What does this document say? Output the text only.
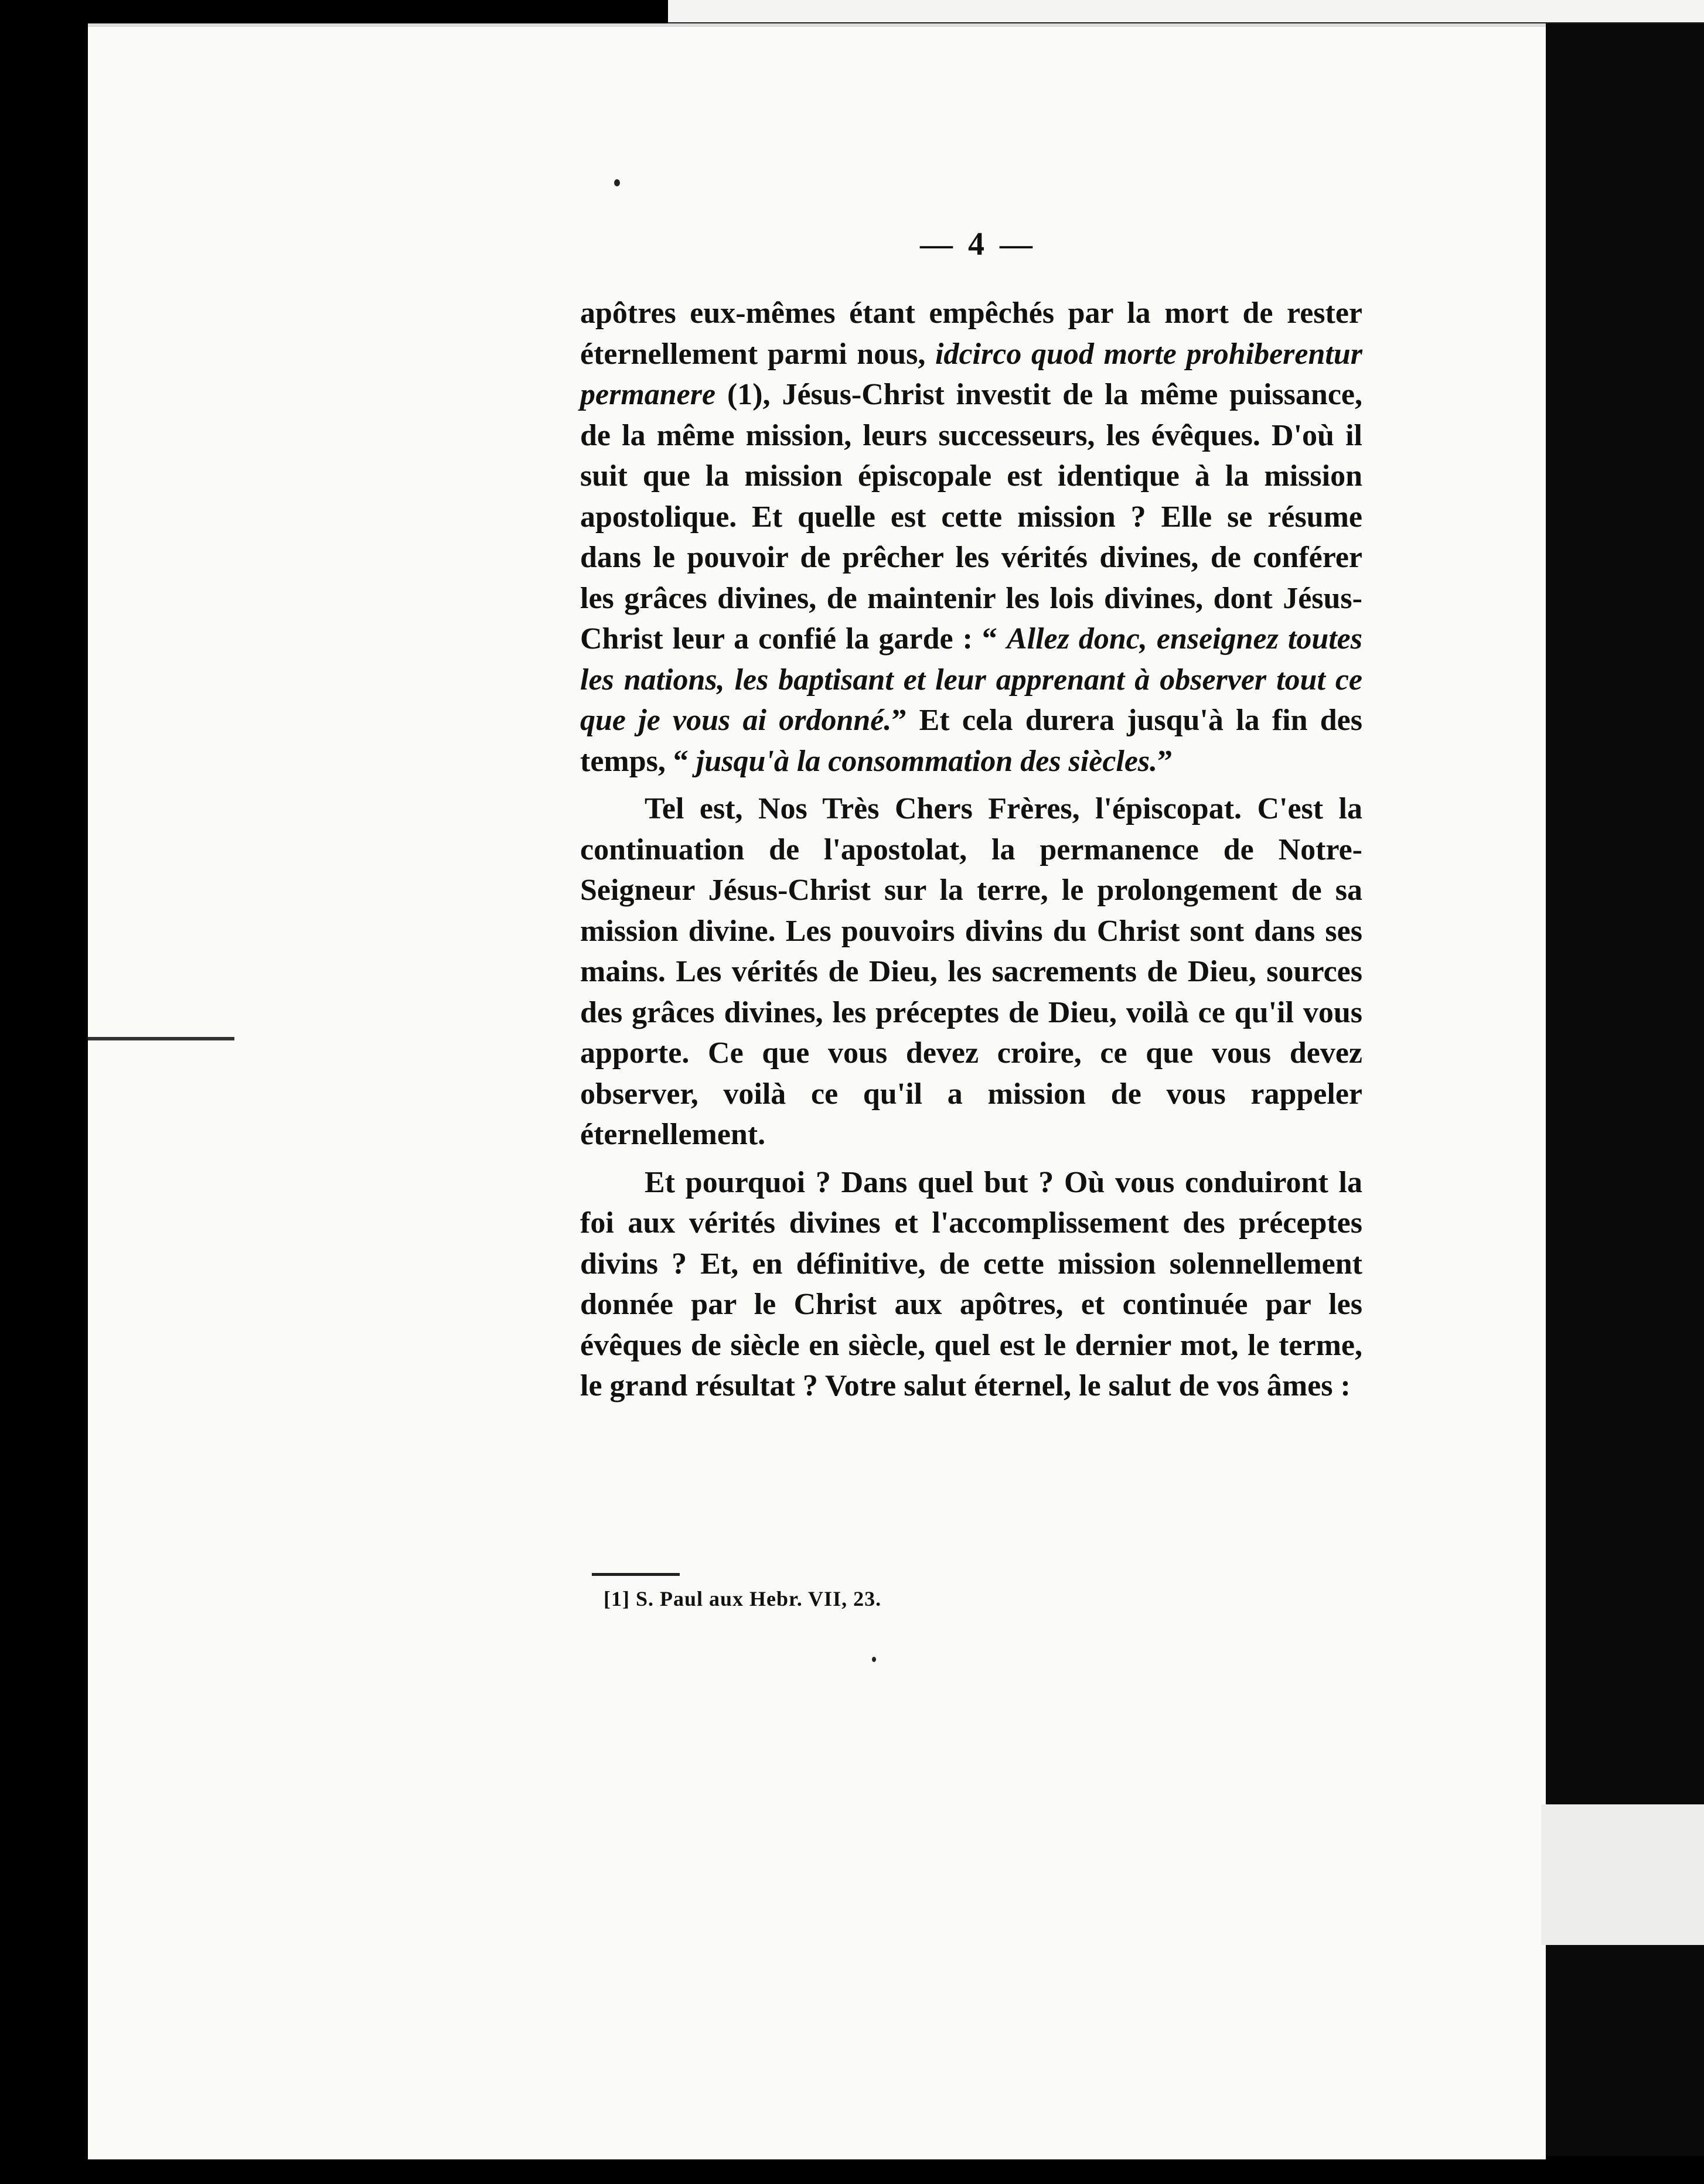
— 4 —

apôtres eux-mêmes étant empêchés par la mort de rester éternellement parmi nous, idcirco quod morte prohiberentur permanere (1), Jésus-Christ investit de la même puissance, de la même mission, leurs successeurs, les évêques. D'où il suit que la mission épiscopale est identique à la mission apostolique. Et quelle est cette mission ? Elle se résume dans le pouvoir de prêcher les vérités divines, de conférer les grâces divines, de maintenir les lois divines, dont Jésus-Christ leur a confié la garde : “ Allez donc, enseignez toutes les nations, les baptisant et leur apprenant à observer tout ce que je vous ai ordonné.” Et cela durera jusqu'à la fin des temps, “ jusqu'à la consommation des siècles.”

Tel est, Nos Très Chers Frères, l'épiscopat. C'est la continuation de l'apostolat, la permanence de Notre-Seigneur Jésus-Christ sur la terre, le prolongement de sa mission divine. Les pouvoirs divins du Christ sont dans ses mains. Les vérités de Dieu, les sacrements de Dieu, sources des grâces divines, les préceptes de Dieu, voilà ce qu'il vous apporte. Ce que vous devez croire, ce que vous devez observer, voilà ce qu'il a mission de vous rappeler éternellement.

Et pourquoi ? Dans quel but ? Où vous conduiront la foi aux vérités divines et l'accomplissement des préceptes divins ? Et, en définitive, de cette mission solennellement donnée par le Christ aux apôtres, et continuée par les évêques de siècle en siècle, quel est le dernier mot, le terme, le grand résultat ? Votre salut éternel, le salut de vos âmes :

[1] S. Paul aux Hebr. VII, 23.
